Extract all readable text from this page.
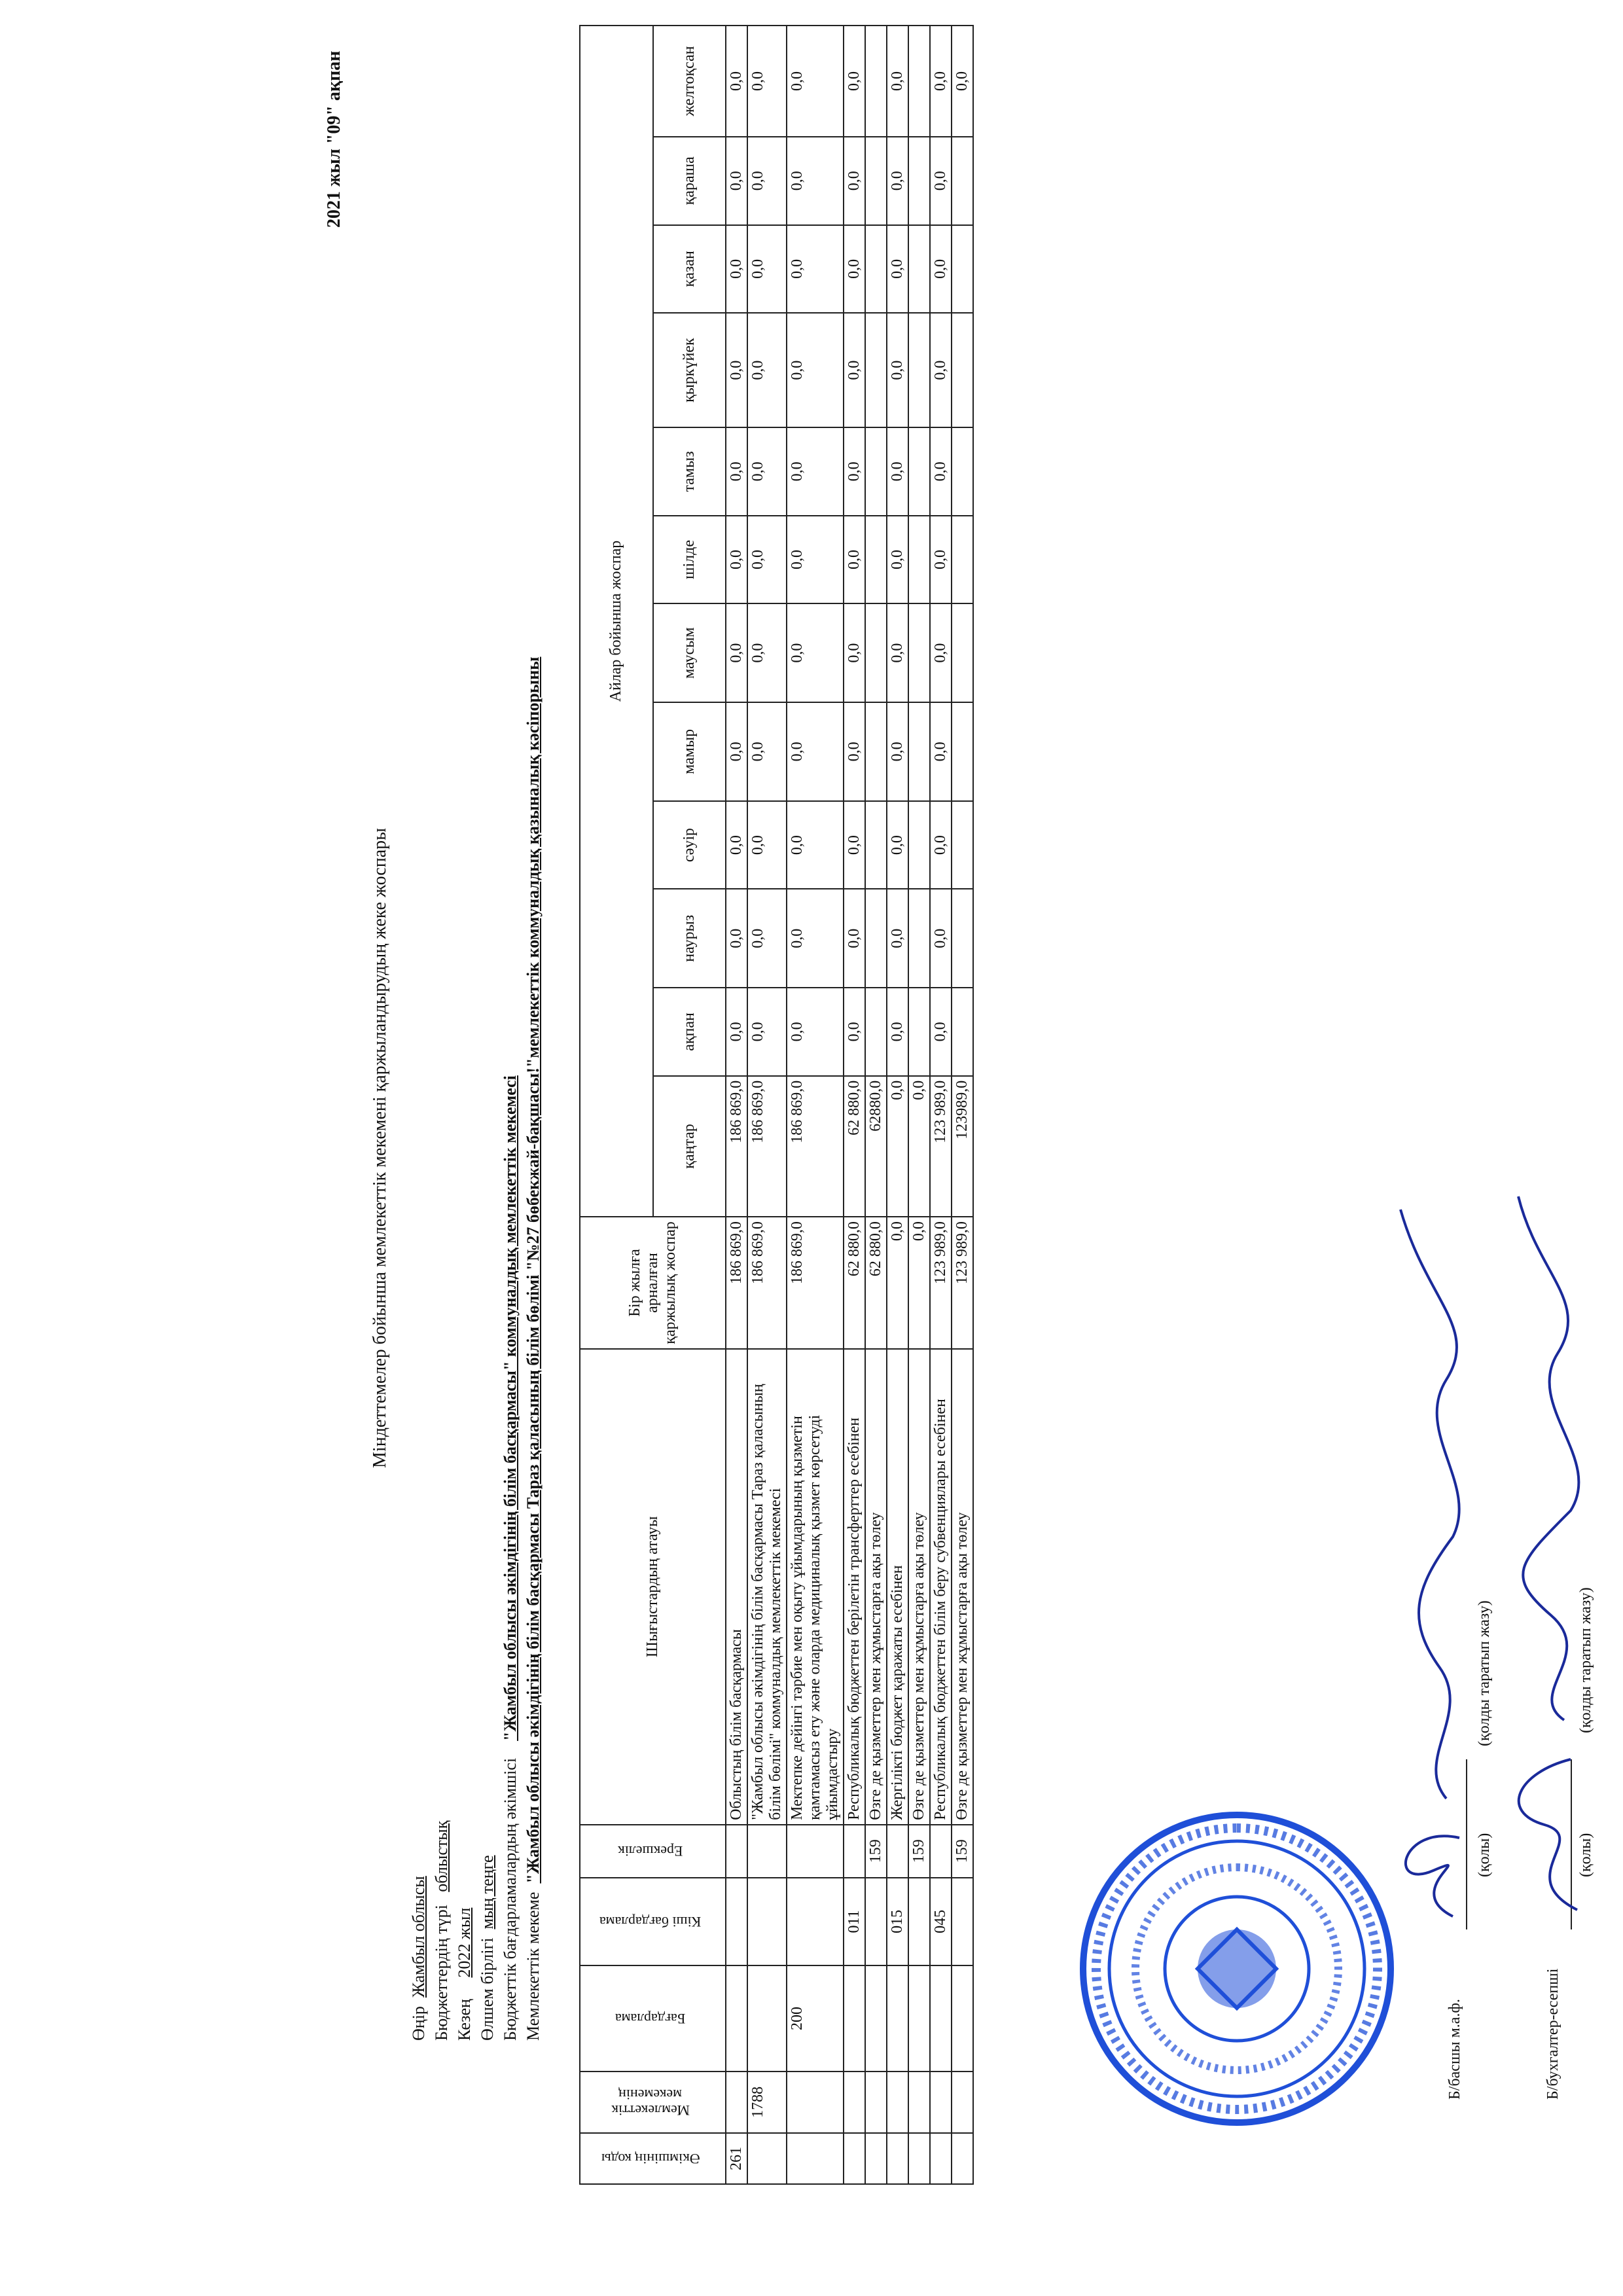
2021 жыл "09" ақпан
Міндеттемелер бойынша мемлекеттік мекемені қаржыландырудың жеке жоспары
Өңір  Жамбыл облысы Бюджеттердің түрі   облыстық
Кезең     2022 жыл Өлшем бірлігі  мың теңге Бюджеттік бағдарламалардың әкімшісі    "Жамбыл облысы әкімдігінің білім басқармасы" коммуналдық мемлекеттік мекемесі
Мемлекеттік мекеме  "Жамбыл облысы әкімдігінің білім басқармасы Тараз қаласының білім бөлімі "№27 бөбекжай-бақшасы!"мемлекеттік коммуналдық қазыналық кәсіпорыны
Әкімшінің коды	Мемлекеттік мекеменің	Бағдарлама	Кіші бағдарлама	Ерекшелік	Шығыстардың атауы	Бір жылға арналған қаржылық жоспар	Айлар бойынша жоспар											
							қаңтар	ақпан	наурыз	сәуір	мамыр	маусым	шілде	тамыз	қыркүйек	қазан	қараша	желтоқсан
261					Облыстың білім басқармасы	186 869,0	186 869,0	0,0	0,0	0,0	0,0	0,0	0,0	0,0	0,0	0,0	0,0	0,0
	1788				"Жамбыл облысы әкімдігінің білім басқармасы Тараз қаласының білім бөлімі" коммуналдық мемлекеттік мекемесі	186 869,0	186 869,0	0,0	0,0	0,0	0,0	0,0	0,0	0,0	0,0	0,0	0,0	0,0
		200			Мектепке дейінгі тәрбие мен оқыту ұйымдарының қызметін қамтамасыз ету және оларда медициналық қызмет көрсетуді ұйымдастыру	186 869,0	186 869,0	0,0	0,0	0,0	0,0	0,0	0,0	0,0	0,0	0,0	0,0	0,0
			011		Республикалық бюджеттен берілетін трансферттер есебінен	62 880,0	62 880,0	0,0	0,0	0,0	0,0	0,0	0,0	0,0	0,0	0,0	0,0	0,0
				159	Өзге де қызметтер мен жұмыстарға ақы төлеу	62 880,0	62880,0											
			015		Жергілікті бюджет қаражаты есебінен	0,0	0,0	0,0	0,0	0,0	0,0	0,0	0,0	0,0	0,0	0,0	0,0	0,0
				159	Өзге де қызметтер мен жұмыстарға ақы төлеу	0,0	0,0											
			045		Республикалық бюджеттен білім беру субвенциялары есебінен	123 989,0	123 989,0	0,0	0,0	0,0	0,0	0,0	0,0	0,0	0,0	0,0	0,0	0,0
				159	Өзге де қызметтер мен жұмыстарға ақы төлеу	123 989,0	123989,0											0,0
Б/басшы м.а.ф.
(қолы)
(қолды таратып жазу)
Б/бухгалтер-есепші
(қолы)
(қолды таратып жазу)
